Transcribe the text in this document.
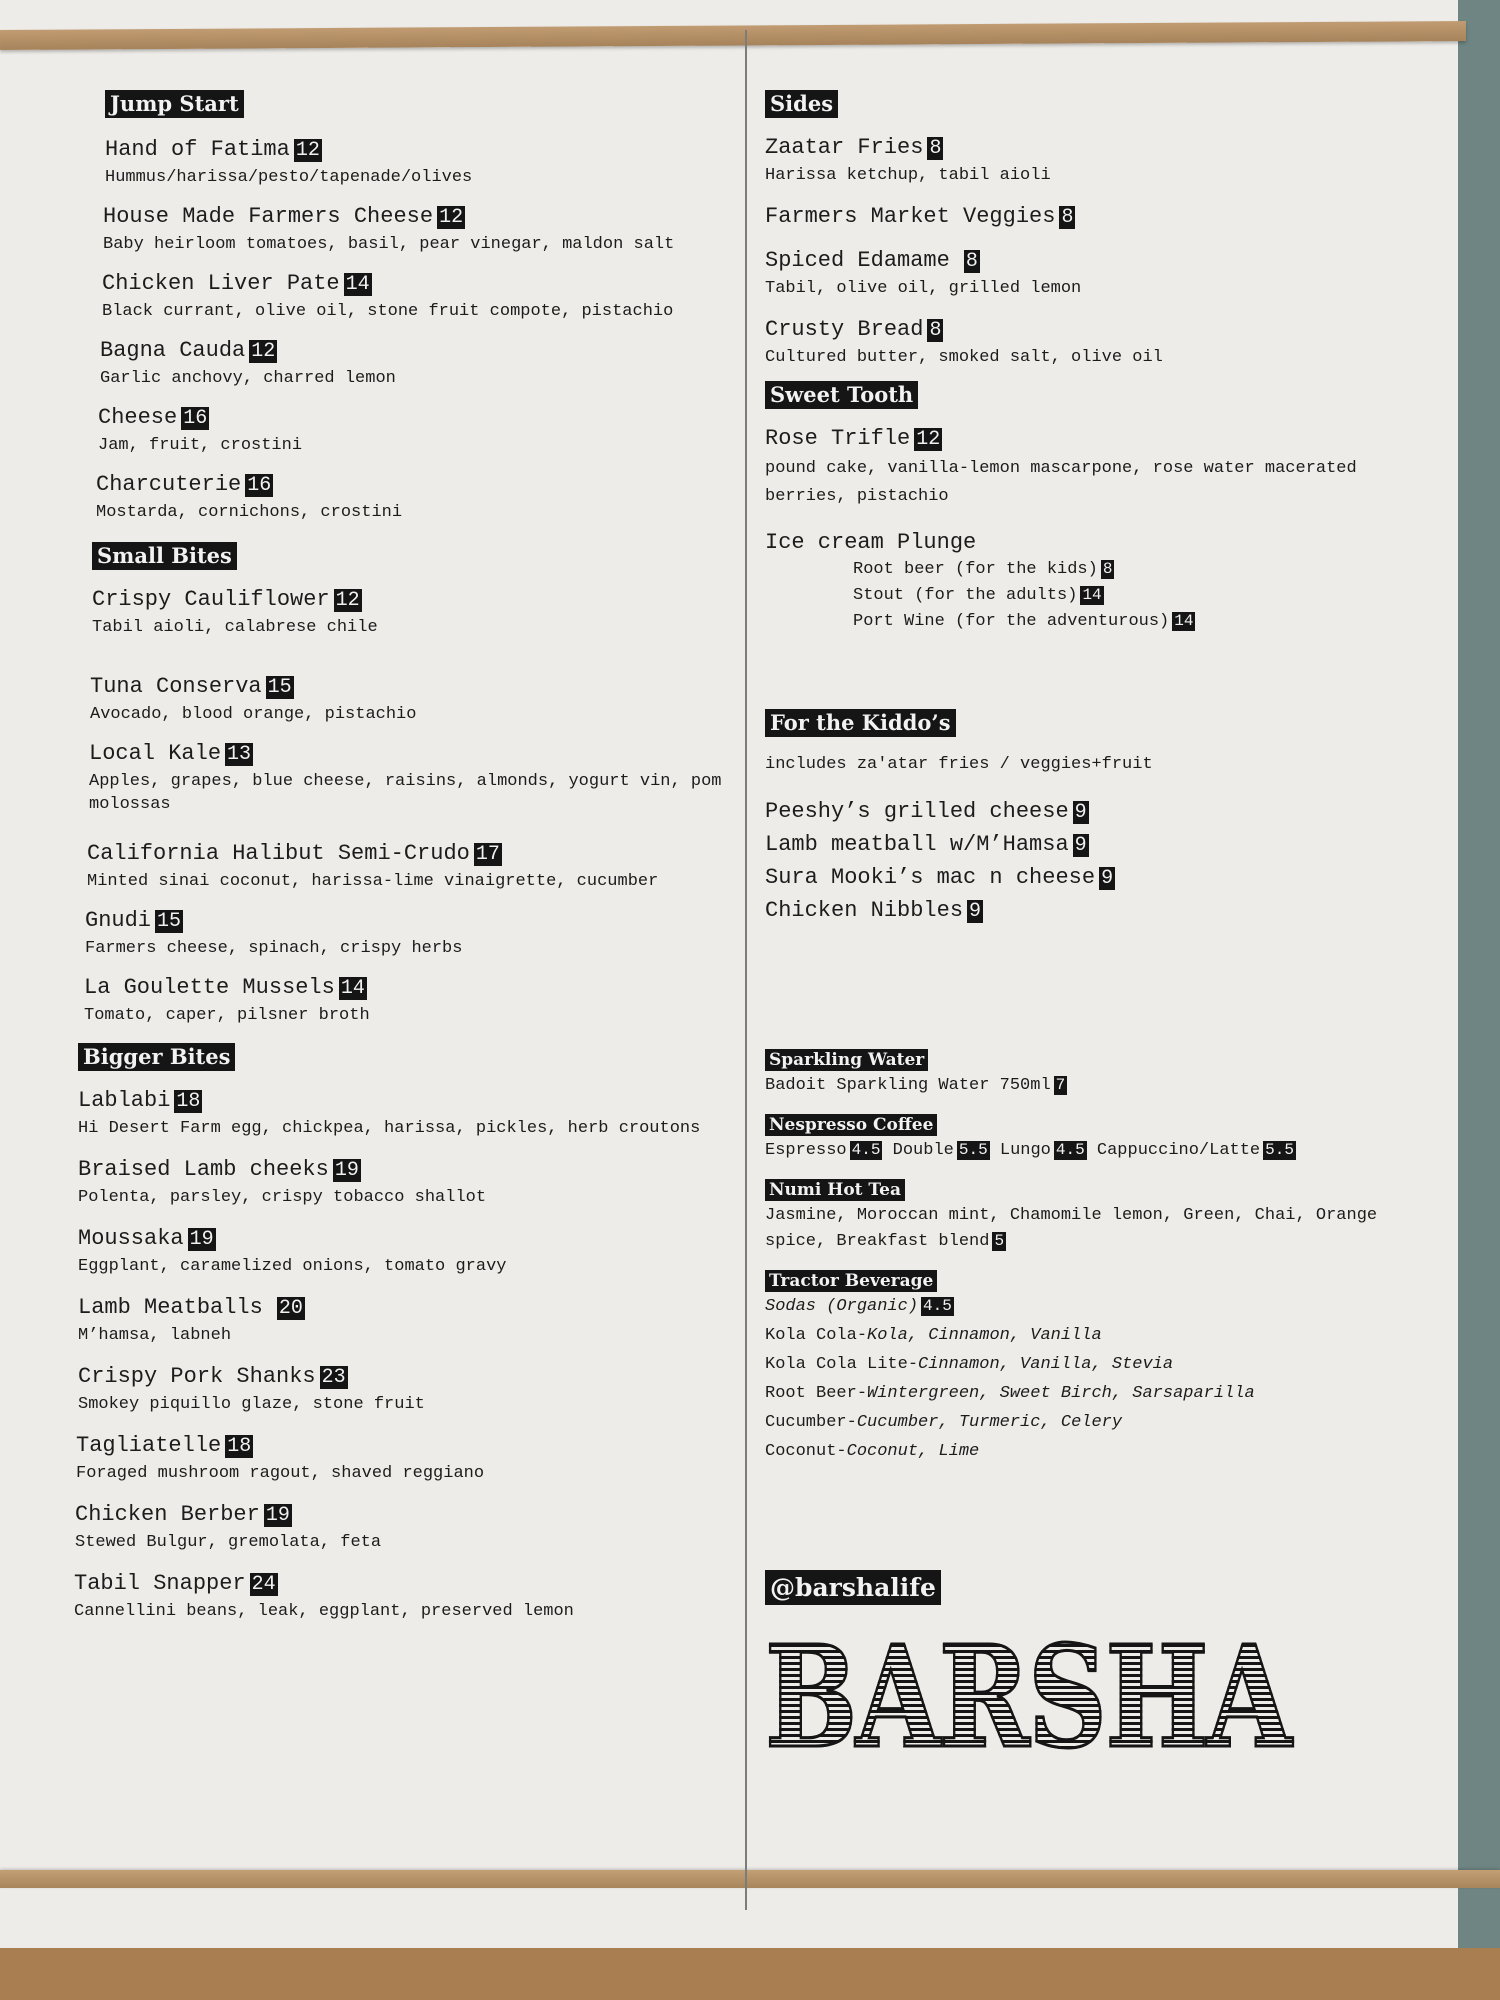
Jump Start
Hand of Fatima 12
Hummus/harissa/pesto/tapenade/olives
House Made Farmers Cheese 12
Baby heirloom tomatoes, basil, pear vinegar, maldon salt
Chicken Liver Pate 14
Black currant, olive oil, stone fruit compote, pistachio
Bagna Cauda 12
Garlic anchovy, charred lemon
Cheese 16
Jam, fruit, crostini
Charcuterie 16
Mostarda, cornichons, crostini
Small Bites
Crispy Cauliflower 12
Tabil aioli, calabrese chile
Tuna Conserva 15
Avocado, blood orange, pistachio
Local Kale 13
Apples, grapes, blue cheese, raisins, almonds, yogurt vin, pom molossas
California Halibut Semi-Crudo 17
Minted sinai coconut, harissa-lime vinaigrette, cucumber
Gnudi 15
Farmers cheese, spinach, crispy herbs
La Goulette Mussels 14
Tomato, caper, pilsner broth
Bigger Bites
Lablabi 18
Hi Desert Farm egg, chickpea, harissa, pickles, herb croutons
Braised Lamb cheeks 19
Polenta, parsley, crispy tobacco shallot
Moussaka 19
Eggplant, caramelized onions, tomato gravy
Lamb Meatballs 20
M’hamsa, labneh
Crispy Pork Shanks 23
Smokey piquillo glaze, stone fruit
Tagliatelle 18
Foraged mushroom ragout, shaved reggiano
Chicken Berber 19
Stewed Bulgur, gremolata, feta
Tabil Snapper 24
Cannellini beans, leak, eggplant, preserved lemon
Sides
Zaatar Fries 8
Harissa ketchup, tabil aioli
Farmers Market Veggies 8
Spiced Edamame 8
Tabil, olive oil, grilled lemon
Crusty Bread 8
Cultured butter, smoked salt, olive oil
Sweet Tooth
Rose Trifle 12
pound cake, vanilla-lemon mascarpone, rose water macerated berries, pistachio
Ice cream Plunge
Root beer (for the kids) 8
Stout (for the adults) 14
Port Wine (for the adventurous) 14
For the Kiddo’s
includes za'atar fries / veggies+fruit
Peeshy’s grilled cheese 9
Lamb meatball w/M’Hamsa 9
Sura Mooki’s mac n cheese 9
Chicken Nibbles 9
Sparkling Water
Badoit Sparkling Water 750ml 7
Nespresso Coffee
Espresso 4.5 Double 5.5 Lungo 4.5 Cappuccino/Latte 5.5
Numi Hot Tea
Jasmine, Moroccan mint, Chamomile lemon, Green, Chai, Orange
spice, Breakfast blend 5
Tractor Beverage
Sodas (Organic) 4.5
Kola Cola-Kola, Cinnamon, Vanilla
Kola Cola Lite-Cinnamon, Vanilla, Stevia
Root Beer-Wintergreen, Sweet Birch, Sarsaparilla
Cucumber-Cucumber, Turmeric, Celery
Coconut-Coconut, Lime
@barshalife
BARSHA
